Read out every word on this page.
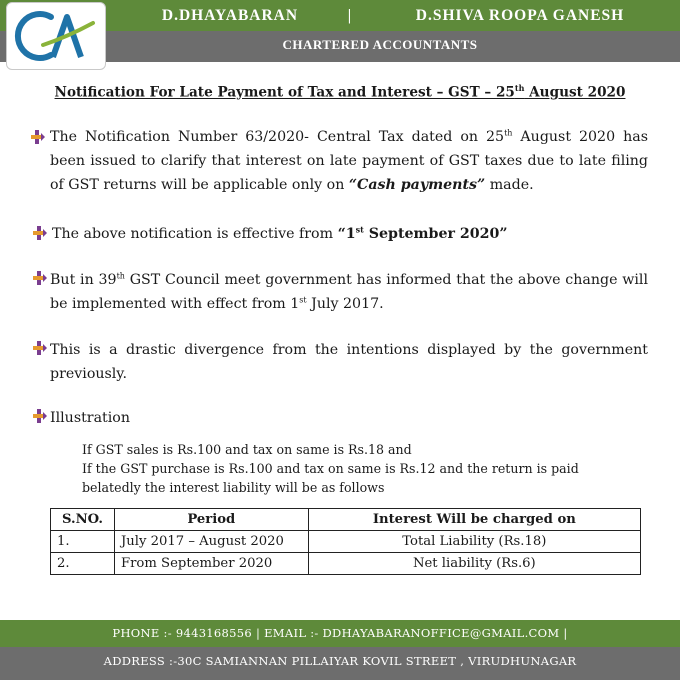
CA
D.DHAYABARAN	|	D.SHIVA ROOPA GANESH
CHARTERED ACCOUNTANTS
Notification For Late Payment of Tax and Interest – GST – 25th August 2020
The Notification Number 63/2020- Central Tax dated on 25th August 2020 has been issued to clarify that interest on late payment of GST taxes due to late filing of GST returns will be applicable only on “Cash payments” made.
The above notification is effective from “1st September 2020”
But in 39th GST Council meet government has informed that the above change will be implemented with effect from 1st July 2017.
This is a drastic divergence from the intentions displayed by the government previously.
Illustration
If GST sales is Rs.100 and tax on same is Rs.18 and
If the GST purchase is Rs.100 and tax on same is Rs.12 and the return is paid
belatedly the interest liability will be as follows
S.NO.	Period	Interest Will be charged on
1.	July 2017 – August 2020	Total Liability (Rs.18)
2.	From September 2020	Net liability (Rs.6)
PHONE :- 9443168556 | EMAIL :- DDHAYABARANOFFICE@GMAIL.COM |
ADDRESS :-30C SAMIANNAN PILLAIYAR KOVIL STREET , VIRUDHUNAGAR
